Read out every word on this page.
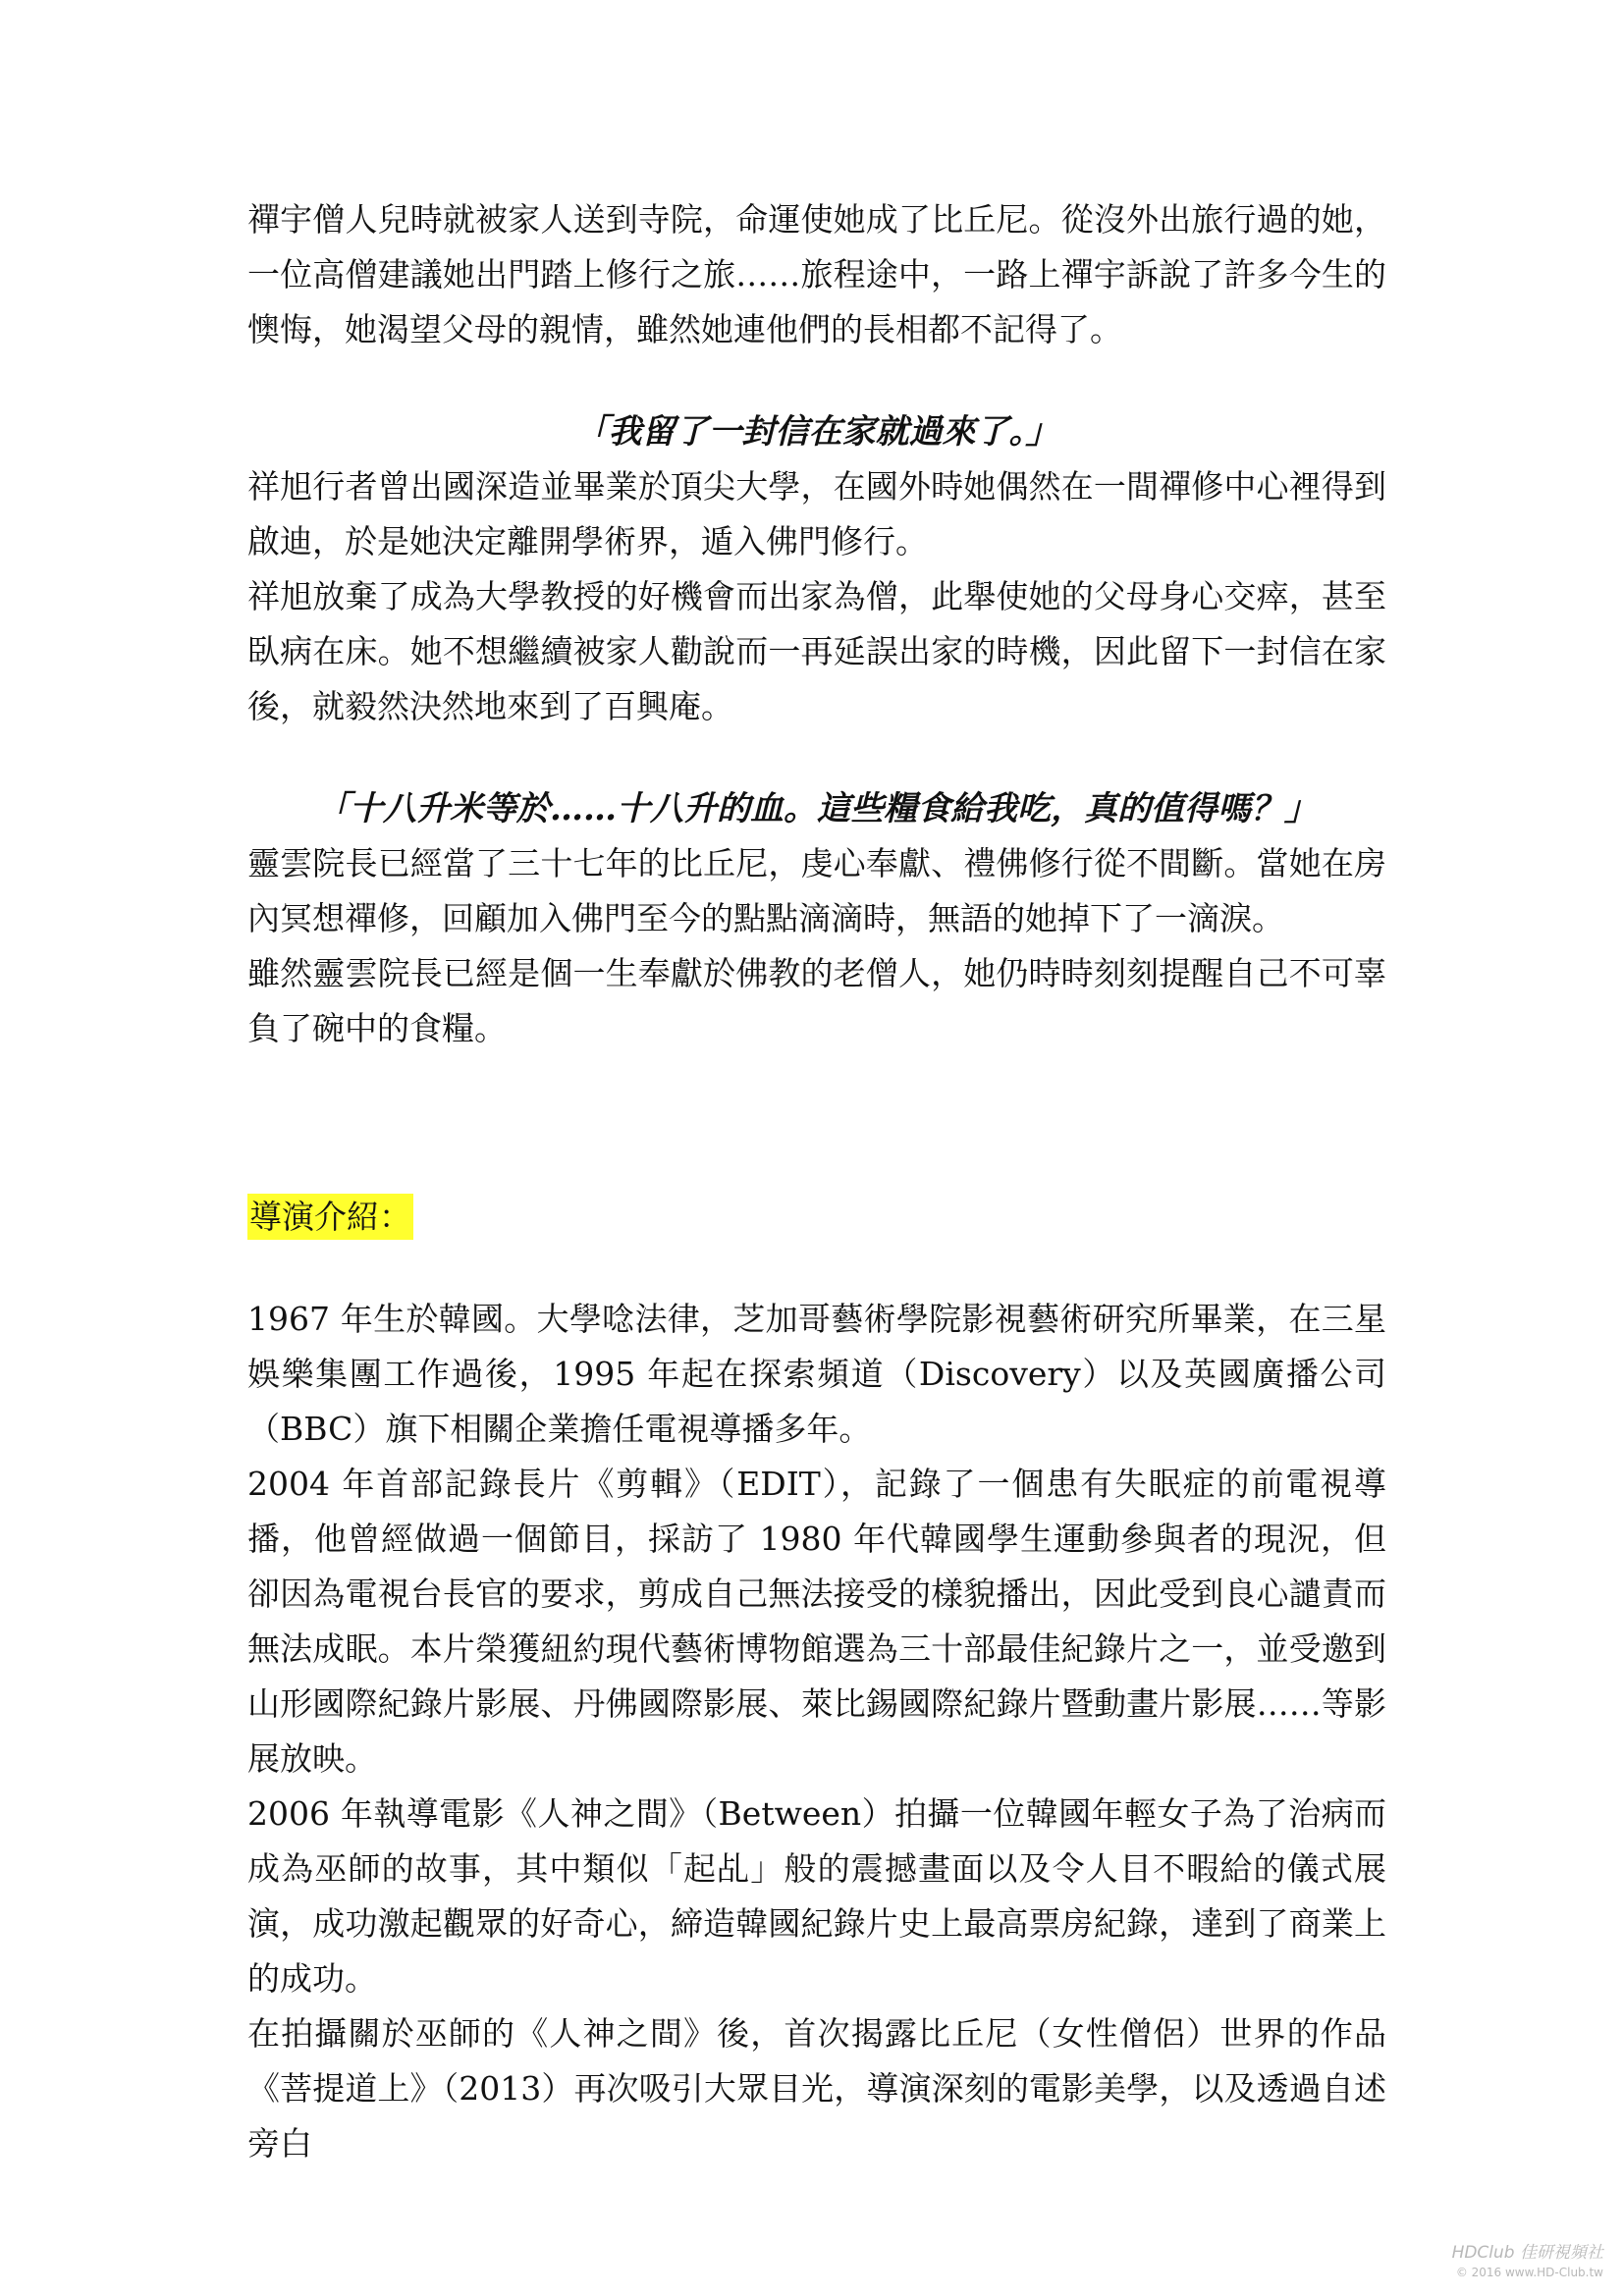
禪宇僧人兒時就被家人送到寺院，命運使她成了比丘尼。從沒外出旅行過的她，一位高僧建議她出門踏上修行之旅……旅程途中，一路上禪宇訴說了許多今生的懊悔，她渴望父母的親情，雖然她連他們的長相都不記得了。

「我留了一封信在家就過來了。」

祥旭行者曾出國深造並畢業於頂尖大學，在國外時她偶然在一間禪修中心裡得到啟迪，於是她決定離開學術界，遁入佛門修行。

祥旭放棄了成為大學教授的好機會而出家為僧，此舉使她的父母身心交瘁，甚至臥病在床。她不想繼續被家人勸說而一再延誤出家的時機，因此留下一封信在家後，就毅然決然地來到了百興庵。

「十八升米等於……十八升的血。這些糧食給我吃，真的值得嗎？」

靈雲院長已經當了三十七年的比丘尼，虔心奉獻、禮佛修行從不間斷。當她在房內冥想禪修，回顧加入佛門至今的點點滴滴時，無語的她掉下了一滴淚。

雖然靈雲院長已經是個一生奉獻於佛教的老僧人，她仍時時刻刻提醒自己不可辜負了碗中的食糧。

導演介紹：

1967 年生於韓國。大學唸法律，芝加哥藝術學院影視藝術研究所畢業，在三星娛樂集團工作過後，1995 年起在探索頻道（Discovery）以及英國廣播公司（BBC）旗下相關企業擔任電視導播多年。

2004 年首部記錄長片《剪輯》（EDIT），記錄了一個患有失眠症的前電視導播，他曾經做過一個節目，採訪了 1980 年代韓國學生運動參與者的現況，但卻因為電視台長官的要求，剪成自己無法接受的樣貌播出，因此受到良心譴責而無法成眠。本片榮獲紐約現代藝術博物館選為三十部最佳紀錄片之一，並受邀到山形國際紀錄片影展、丹佛國際影展、萊比錫國際紀錄片暨動畫片影展……等影展放映。

2006 年執導電影《人神之間》（Between）拍攝一位韓國年輕女子為了治病而成為巫師的故事，其中類似「起乩」般的震撼畫面以及令人目不暇給的儀式展演，成功激起觀眾的好奇心，締造韓國紀錄片史上最高票房紀錄，達到了商業上的成功。

在拍攝關於巫師的《人神之間》後，首次揭露比丘尼（女性僧侶）世界的作品《菩提道上》（2013）再次吸引大眾目光，導演深刻的電影美學，以及透過自述旁白

HDClub 佳研視頻社
© 2016 www.HD-Club.tw
